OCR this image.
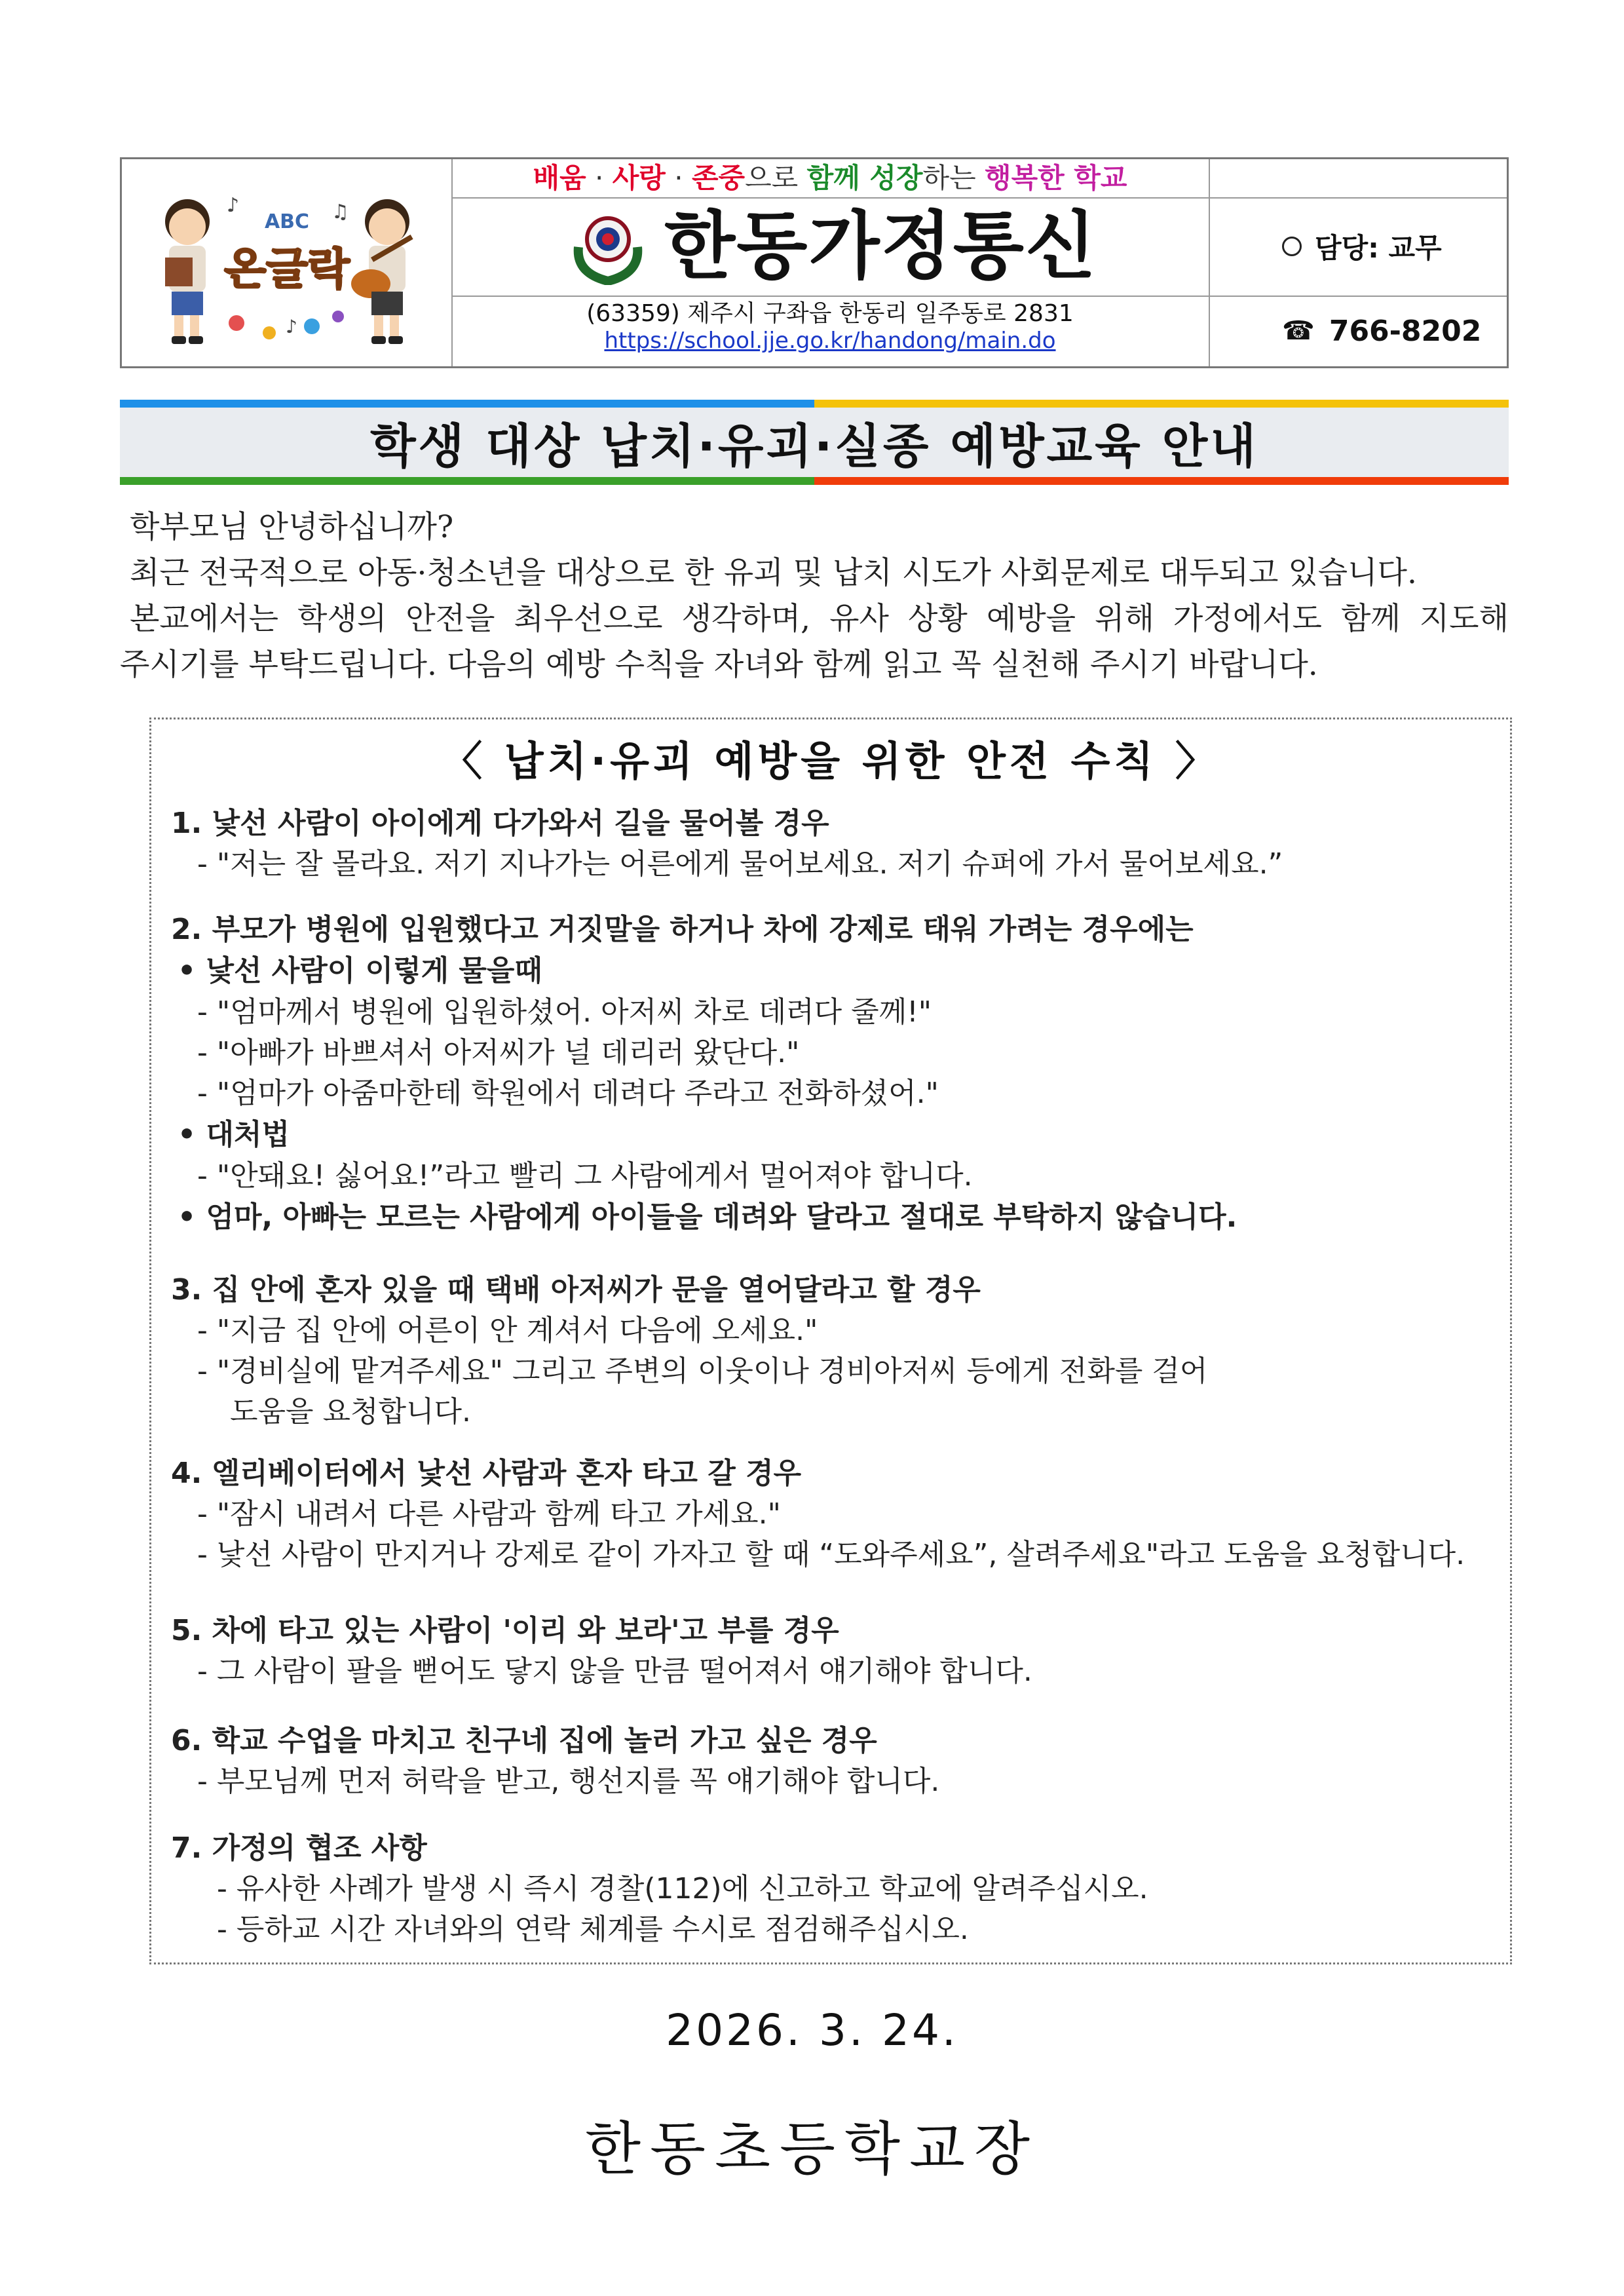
배움 · 사랑 · 존중으로 함께 성장하는 행복한 학교
온글락
ABC
♪	♫
♪
한동가정통신
(63359) 제주시 구좌읍 한동리 일주동로 2831
https://school.jje.go.kr/handong/main.do
담당: 교무
☎ 766-8202
학생 대상 납치·유괴·실종 예방교육 안내

학부모님 안녕하십니까?

최근 전국적으로 아동·청소년을 대상으로 한 유괴 및 납치 시도가 사회문제로 대두되고 있습니다.

본교에서는 학생의 안전을 최우선으로 생각하며, 유사 상황 예방을 위해 가정에서도 함께 지도해

주시기를 부탁드립니다. 다음의 예방 수칙을 자녀와 함께 읽고 꼭 실천해 주시기 바랍니다.

〈 납치·유괴 예방을 위한 안전 수칙 〉
1. 낯선 사람이 아이에게 다가와서 길을 물어볼 경우
- "저는 잘 몰라요. 저기 지나가는 어른에게 물어보세요. 저기 슈퍼에 가서 물어보세요.”
2. 부모가 병원에 입원했다고 거짓말을 하거나 차에 강제로 태워 가려는 경우에는
• 낯선 사람이 이렇게 물을때
- "엄마께서 병원에 입원하셨어. 아저씨 차로 데려다 줄께!"
- "아빠가 바쁘셔서 아저씨가 널 데리러 왔단다."
- "엄마가 아줌마한테 학원에서 데려다 주라고 전화하셨어."
• 대처법
- "안돼요! 싫어요!”라고 빨리 그 사람에게서 멀어져야 합니다.
• 엄마, 아빠는 모르는 사람에게 아이들을 데려와 달라고 절대로 부탁하지 않습니다.
3. 집 안에 혼자 있을 때 택배 아저씨가 문을 열어달라고 할 경우
- "지금 집 안에 어른이 안 계셔서 다음에 오세요."
- "경비실에 맡겨주세요" 그리고 주변의 이웃이나 경비아저씨 등에게 전화를 걸어
도움을 요청합니다.
4. 엘리베이터에서 낯선 사람과 혼자 타고 갈 경우
- "잠시 내려서 다른 사람과 함께 타고 가세요."
- 낯선 사람이 만지거나 강제로 같이 가자고 할 때 “도와주세요”, 살려주세요"라고 도움을 요청합니다.
5. 차에 타고 있는 사람이 '이리 와 보라'고 부를 경우
- 그 사람이 팔을 뻗어도 닿지 않을 만큼 떨어져서 얘기해야 합니다.
6. 학교 수업을 마치고 친구네 집에 놀러 가고 싶은 경우
- 부모님께 먼저 허락을 받고, 행선지를 꼭 얘기해야 합니다.
7. 가정의 협조 사항
- 유사한 사례가 발생 시 즉시 경찰(112)에 신고하고 학교에 알려주십시오.
- 등하교 시간 자녀와의 연락 체계를 수시로 점검해주십시오.
2026. 3. 24.
한동초등학교장
